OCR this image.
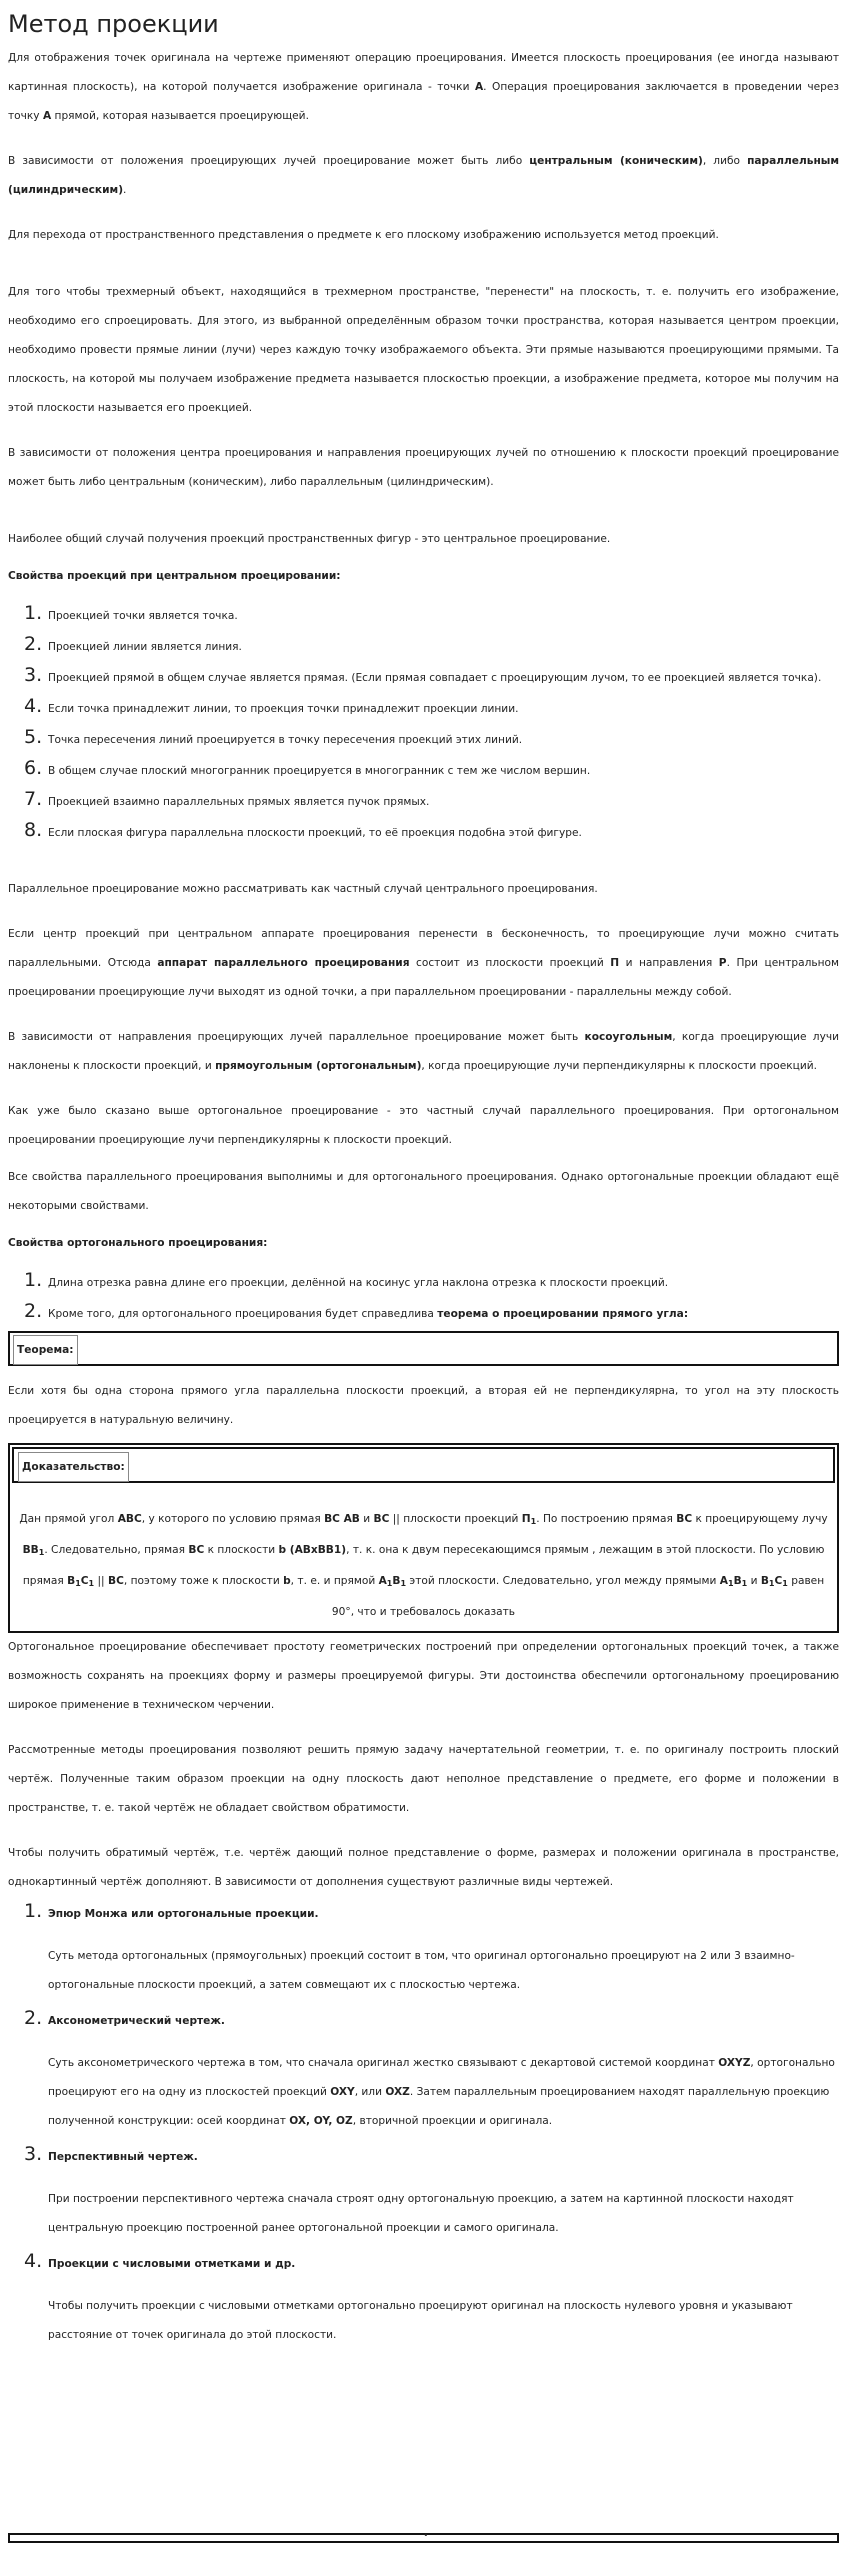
Метод проекции

Для отображения точек оригинала на чертеже применяют операцию проецирования. Имеется плоскость проецирования (ее иногда называют картинная плоскость), на которой получается изображение оригинала - точки A. Операция проецирования заключается в проведении через точку A прямой, которая называется проецирующей.

В зависимости от положения проецирующих лучей проецирование может быть либо центральным (коническим), либо параллельным (цилиндрическим).

Для перехода от пространственного представления о предмете к его плоскому изображению используется метод проекций.

Для того чтобы трехмерный объект, находящийся в трехмерном пространстве, "перенести" на плоскость, т. е. получить его изображение, необходимо его спроецировать. Для этого, из выбранной определённым образом точки пространства, которая называется центром проекции, необходимо провести прямые линии (лучи) через каждую точку изображаемого объекта. Эти прямые называются проецирующими прямыми. Та плоскость, на которой мы получаем изображение предмета называется плоскостью проекции, а изображение предмета, которое мы получим на этой плоскости называется его проекцией.

В зависимости от положения центра проецирования и направления проецирующих лучей по отношению к плоскости проекций проецирование может быть либо центральным (коническим), либо параллельным (цилиндрическим).

Наиболее общий случай получения проекций пространственных фигур - это центральное проецирование.

Свойства проекций при центральном проецировании:

1. Проекцией точки является точка.
2. Проекцией линии является линия.
3. Проекцией прямой в общем случае является прямая. (Если прямая совпадает с проецирующим лучом, то ее проекцией является точка).
4. Если точка принадлежит линии, то проекция точки принадлежит проекции линии.
5. Точка пересечения линий проецируется в точку пересечения проекций этих линий.
6. В общем случае плоский многогранник проецируется в многогранник с тем же числом вершин.
7. Проекцией взаимно параллельных прямых является пучок прямых.
8. Если плоская фигура параллельна плоскости проекций, то её проекция подобна этой фигуре.

Параллельное проецирование можно рассматривать как частный случай центрального проецирования.

Если центр проекций при центральном аппарате проецирования перенести в бесконечность, то проецирующие лучи можно считать параллельными. Отсюда аппарат параллельного проецирования состоит из плоскости проекций П и направления P. При центральном проецировании проецирующие лучи выходят из одной точки, а при параллельном проецировании - параллельны между собой.

В зависимости от направления проецирующих лучей параллельное проецирование может быть косоугольным, когда проецирующие лучи наклонены к плоскости проекций, и прямоугольным (ортогональным), когда проецирующие лучи перпендикулярны к плоскости проекций.

Как уже было сказано выше ортогональное проецирование - это частный случай параллельного проецирования. При ортогональном проецировании проецирующие лучи перпендикулярны к плоскости проекций.

Все свойства параллельного проецирования выполнимы и для ортогонального проецирования. Однако ортогональные проекции обладают ещё некоторыми свойствами.

Свойства ортогонального проецирования:

1. Длина отрезка равна длине его проекции, делённой на косинус угла наклона отрезка к плоскости проекций.
2. Кроме того, для ортогонального проецирования будет справедлива теорема о проецировании прямого угла:
Теорема:

Если хотя бы одна сторона прямого угла параллельна плоскости проекций, а вторая ей не перпендикулярна, то угол на эту плоскость проецируется в натуральную величину.

Доказательство:
Дан прямой угол ABC, у которого по условию прямая BC AB и BC || плоскости проекций $П_1$. По построению прямая BC к проецирующему лучу $BB_1$. Следовательно, прямая BC к плоскости b (ABxBB1), т. к. она к двум пересекающимся прямым , лежащим в этой плоскости. По условию прямая $B_1C_1$ || BC, поэтому тоже к плоскости b, т. е. и прямой $A_1B_1$ этой плоскости. Следовательно, угол между прямыми $A_1B_1$ и $B_1C_1$ равен 90°, что и требовалось доказать

Ортогональное проецирование обеспечивает простоту геометрических построений при определении ортогональных проекций точек, а также возможность сохранять на проекциях форму и размеры проецируемой фигуры. Эти достоинства обеспечили ортогональному проецированию широкое применение в техническом черчении.

Рассмотренные методы проецирования позволяют решить прямую задачу начертательной геометрии, т. е. по оригиналу построить плоский чертёж. Полученные таким образом проекции на одну плоскость дают неполное представление о предмете, его форме и положении в пространстве, т. е. такой чертёж не обладает свойством обратимости.

Чтобы получить обратимый чертёж, т.е. чертёж дающий полное представление о форме, размерах и положении оригинала в пространстве, однокартинный чертёж дополняют. В зависимости от дополнения существуют различные виды чертежей.

1. Эпюр Монжа или ортогональные проекции.

Суть метода ортогональных (прямоугольных) проекций состоит в том, что оригинал ортогонально проецируют на 2 или 3 взаимно-ортогональные плоскости проекций, а затем совмещают их с плоскостью чертежа.

2. Аксонометрический чертеж.

Суть аксонометрического чертежа в том, что сначала оригинал жестко связывают с декартовой системой координат OXYZ, ортогонально проецируют его на одну из плоскостей проекций OXY, или OXZ. Затем параллельным проецированием находят параллельную проекцию полученной конструкции: осей координат OX, OY, OZ, вторичной проекции и оригинала.

3. Перспективный чертеж.

При построении перспективного чертежа сначала строят одну ортогональную проекцию, а затем на картинной плоскости находят центральную проекцию построенной ранее ортогональной проекции и самого оригинала.

4. Проекции с числовыми отметками и др.

Чтобы получить проекции с числовыми отметками ортогонально проецируют оригинал на плоскость нулевого уровня и указывают расстояние от точек оригинала до этой плоскости.

•
